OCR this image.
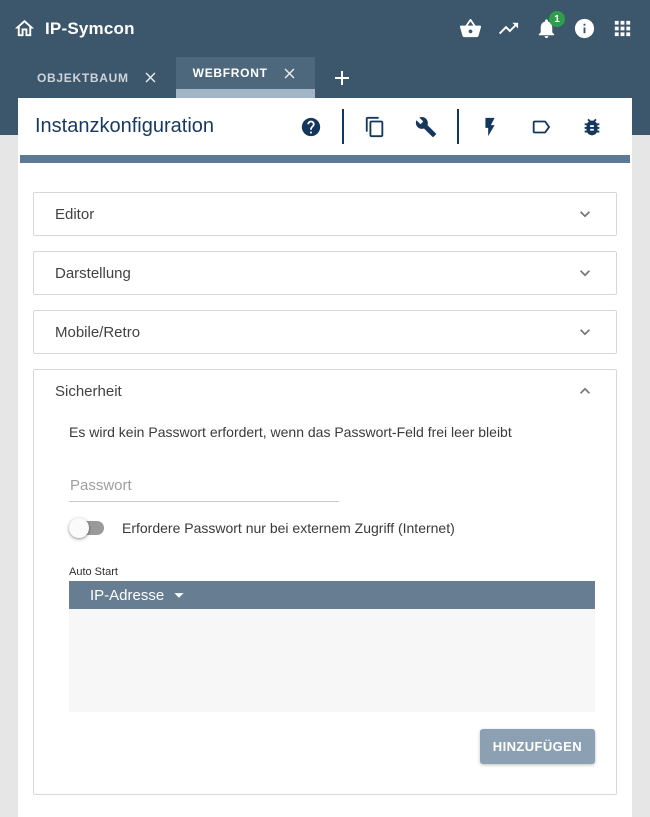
IP-Symcon	1
OBJEKTBAUM	WEBFRONT
Instanzkonfiguration
Editor
Darstellung
Mobile/Retro
Sicherheit

Es wird kein Passwort erfordert, wenn das Passwort-Feld frei leer bleibt

Passwort
Erfordere Passwort nur bei externem Zugriff (Internet)
Auto Start
IP-Adresse
HINZUFÜGEN
